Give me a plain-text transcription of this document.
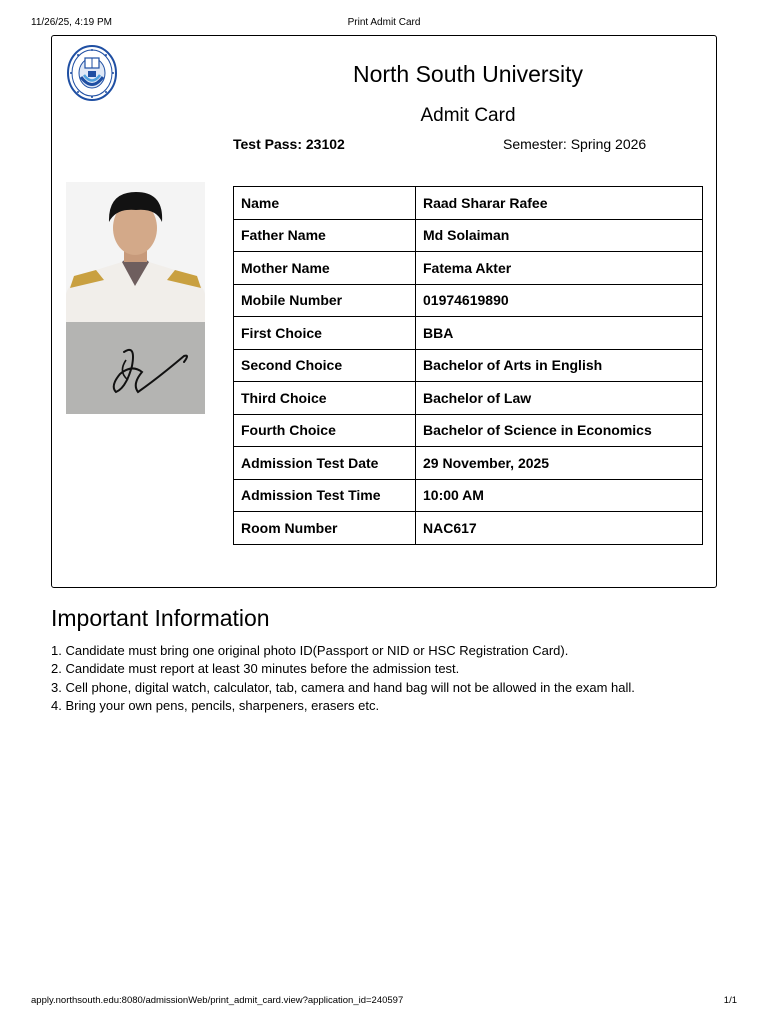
11/26/25, 4:19 PM	Print Admit Card
North South University
Admit Card
Test Pass: 23102	Semester: Spring 2026
Name	Raad Sharar Rafee
Father Name	Md Solaiman
Mother Name	Fatema Akter
Mobile Number	01974619890
First Choice	BBA
Second Choice	Bachelor of Arts in English
Third Choice	Bachelor of Law
Fourth Choice	Bachelor of Science in Economics
Admission Test Date	29 November, 2025
Admission Test Time	10:00 AM
Room Number	NAC617
Important Information
1. Candidate must bring one original photo ID(Passport or NID or HSC Registration Card).
2. Candidate must report at least 30 minutes before the admission test.
3. Cell phone, digital watch, calculator, tab, camera and hand bag will not be allowed in the exam hall.
4. Bring your own pens, pencils, sharpeners, erasers etc.
apply.northsouth.edu:8080/admissionWeb/print_admit_card.view?application_id=240597	1/1
